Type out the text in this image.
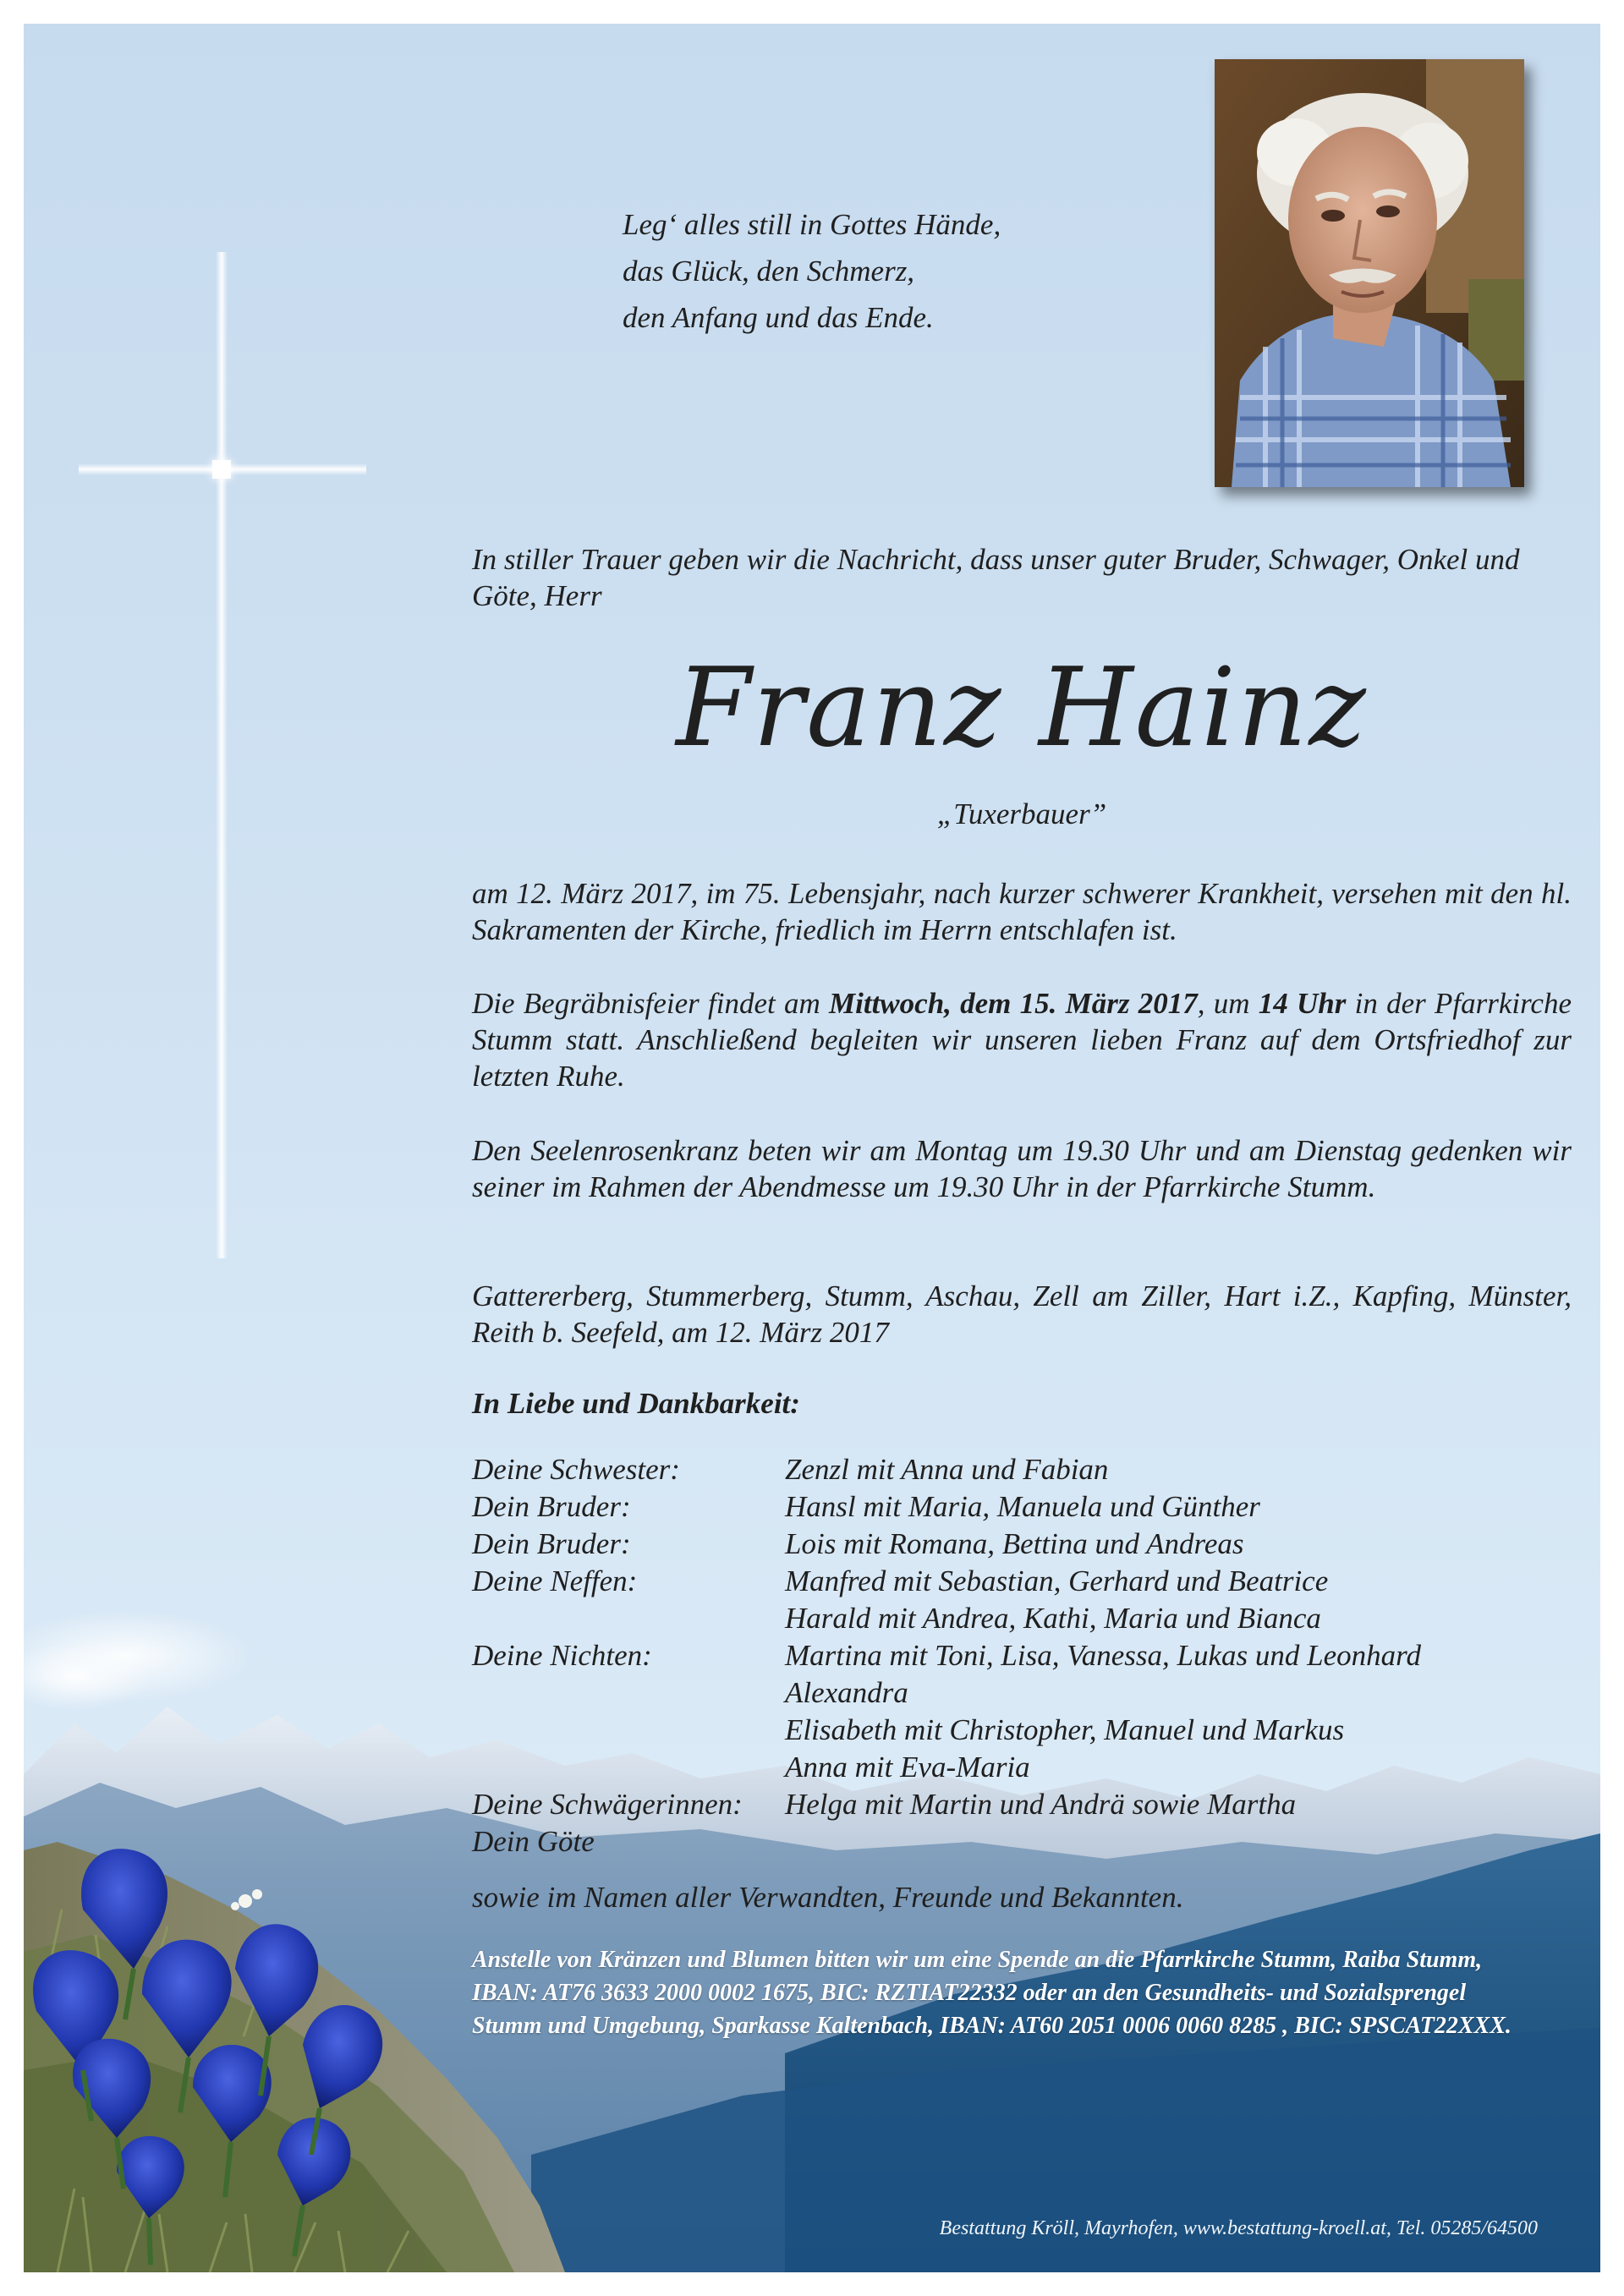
Leg‘ alles still in Gottes Hände,
das Glück, den Schmerz,
den Anfang und das Ende.
In stiller Trauer geben wir die Nachricht, dass unser guter Bruder, Schwager, Onkel und Göte, Herr
Franz Hainz
„Tuxerbauer”
am 12. März 2017, im 75. Lebensjahr, nach kurzer schwerer Krankheit, versehen mit den hl. Sakramenten der Kirche, friedlich im Herrn entschlafen ist.
Die Begräbnisfeier findet am Mittwoch, dem 15. März 2017, um 14 Uhr in der Pfarrkirche Stumm statt. Anschließend begleiten wir unseren lieben Franz auf dem Ortsfriedhof zur letzten Ruhe.
Den Seelenrosenkranz beten wir am Montag um 19.30 Uhr und am Dienstag gedenken wir seiner im Rahmen der Abendmesse um 19.30 Uhr in der Pfarrkirche Stumm.
Gattererberg, Stummerberg, Stumm, Aschau, Zell am Ziller, Hart i.Z., Kapfing, Münster, Reith b. Seefeld, am 12. März 2017
In Liebe und Dankbarkeit:
Deine Schwester:	Zenzl mit Anna und Fabian
Dein Bruder:	Hansl mit Maria, Manuela und Günther
Dein Bruder:	Lois mit Romana, Bettina und Andreas
Deine Neffen:	Manfred mit Sebastian, Gerhard und Beatrice
Harald mit Andrea, Kathi, Maria und Bianca
Deine Nichten:	Martina mit Toni, Lisa, Vanessa, Lukas und Leonhard
Alexandra
Elisabeth mit Christopher, Manuel und Markus
Anna mit Eva-Maria
Deine Schwägerinnen:	Helga mit Martin und Andrä sowie Martha
Dein Göte
sowie im Namen aller Verwandten, Freunde und Bekannten.
Anstelle von Kränzen und Blumen bitten wir um eine Spende an die Pfarrkirche Stumm, Raiba Stumm, IBAN: AT76 3633 2000 0002 1675, BIC: RZTIAT22332 oder an den Gesundheits- und Sozialsprengel Stumm und Umgebung, Sparkasse Kaltenbach, IBAN: AT60 2051 0006 0060 8285 , BIC: SPSCAT22XXX.
Bestattung Kröll, Mayrhofen, www.bestattung-kroell.at, Tel. 05285/64500
